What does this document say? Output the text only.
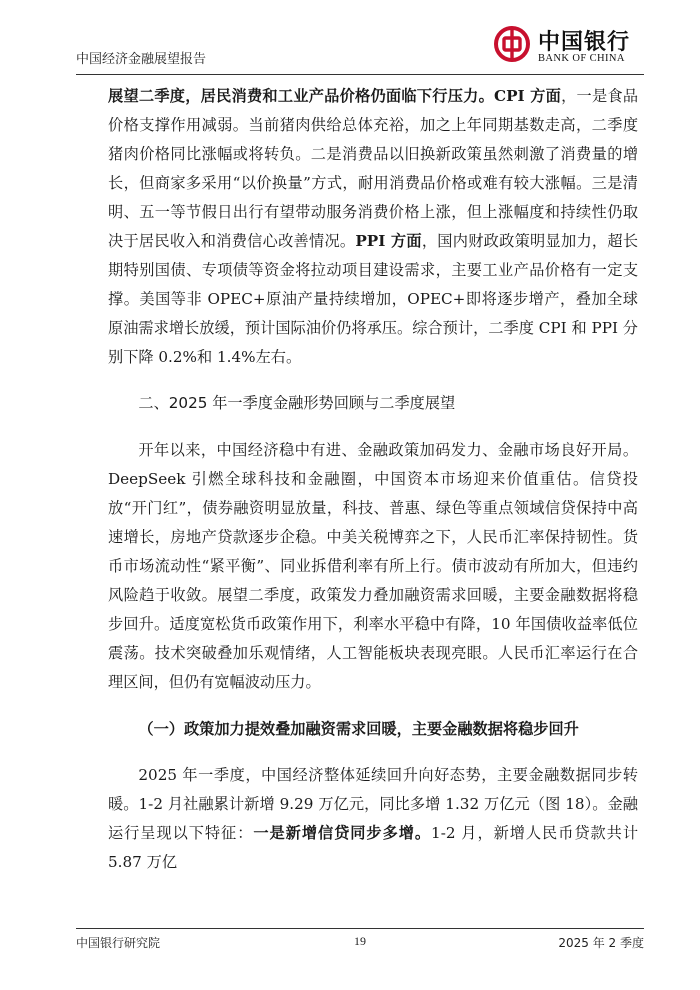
中国经济金融展望报告
中国银行
BANK OF CHINA

展望二季度，居民消费和工业产品价格仍面临下行压力。CPI 方面，一是食品价格支撑作用减弱。当前猪肉供给总体充裕，加之上年同期基数走高，二季度猪肉价格同比涨幅或将转负。二是消费品以旧换新政策虽然刺激了消费量的增长，但商家多采用“以价换量”方式，耐用消费品价格或难有较大涨幅。三是清明、五一等节假日出行有望带动服务消费价格上涨，但上涨幅度和持续性仍取决于居民收入和消费信心改善情况。PPI 方面，国内财政政策明显加力，超长期特别国债、专项债等资金将拉动项目建设需求，主要工业产品价格有一定支撑。美国等非 OPEC+原油产量持续增加，OPEC+即将逐步增产，叠加全球原油需求增长放缓，预计国际油价仍将承压。综合预计，二季度 CPI 和 PPI 分别下降 0.2%和 1.4%左右。

二、2025 年一季度金融形势回顾与二季度展望

开年以来，中国经济稳中有进、金融政策加码发力、金融市场良好开局。DeepSeek 引燃全球科技和金融圈，中国资本市场迎来价值重估。信贷投放“开门红”，债券融资明显放量，科技、普惠、绿色等重点领域信贷保持中高速增长，房地产贷款逐步企稳。中美关税博弈之下，人民币汇率保持韧性。货币市场流动性“紧平衡”、同业拆借利率有所上行。债市波动有所加大，但违约风险趋于收敛。展望二季度，政策发力叠加融资需求回暖，主要金融数据将稳步回升。适度宽松货币政策作用下，利率水平稳中有降，10 年国债收益率低位震荡。技术突破叠加乐观情绪，人工智能板块表现亮眼。人民币汇率运行在合理区间，但仍有宽幅波动压力。

（一）政策加力提效叠加融资需求回暖，主要金融数据将稳步回升

2025 年一季度，中国经济整体延续回升向好态势，主要金融数据同步转暖。1-2 月社融累计新增 9.29 万亿元，同比多增 1.32 万亿元（图 18）。金融运行呈现以下特征：一是新增信贷同步多增。1-2 月，新增人民币贷款共计 5.87 万亿

中国银行研究院	19	2025 年 2 季度
